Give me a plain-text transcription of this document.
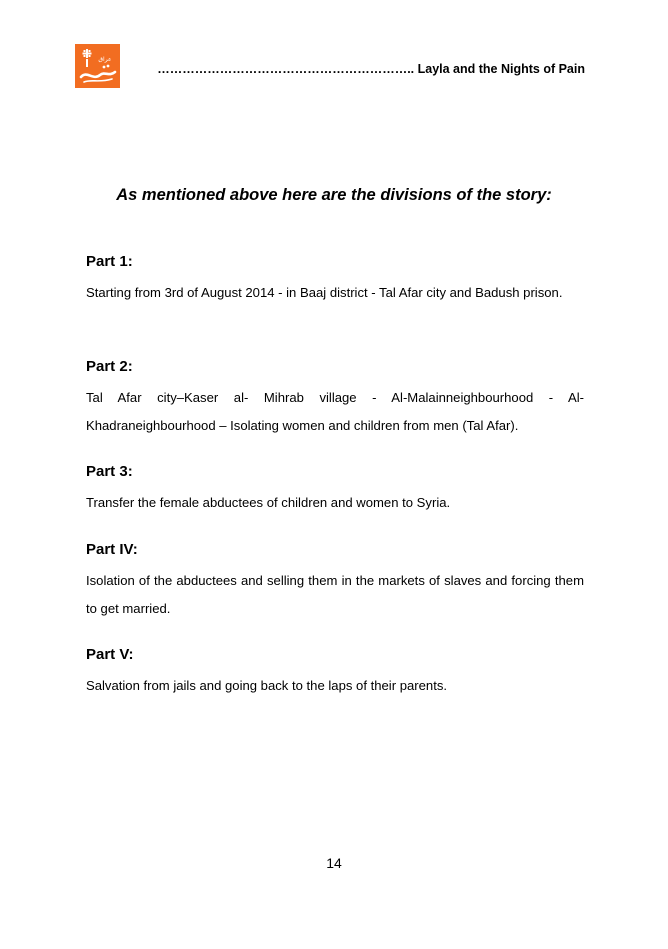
عراق
…………………………………………………….. Layla and the Nights of Pain
As mentioned above here are the divisions of the story:
Part 1:
Starting from 3rd of August 2014 - in Baaj district - Tal Afar city and Badush prison.
Part 2:
Tal Afar city–Kaser al- Mihrab village - Al-Malainneighbourhood - Al-Khadraneighbourhood – Isolating women and children from men (Tal Afar).
Part 3:
Transfer the female abductees of children and women to Syria.
Part IV:
Isolation of the abductees and selling them in the markets of slaves and forcing them to get married.
Part V:
Salvation from jails and going back to the laps of their parents.
14
